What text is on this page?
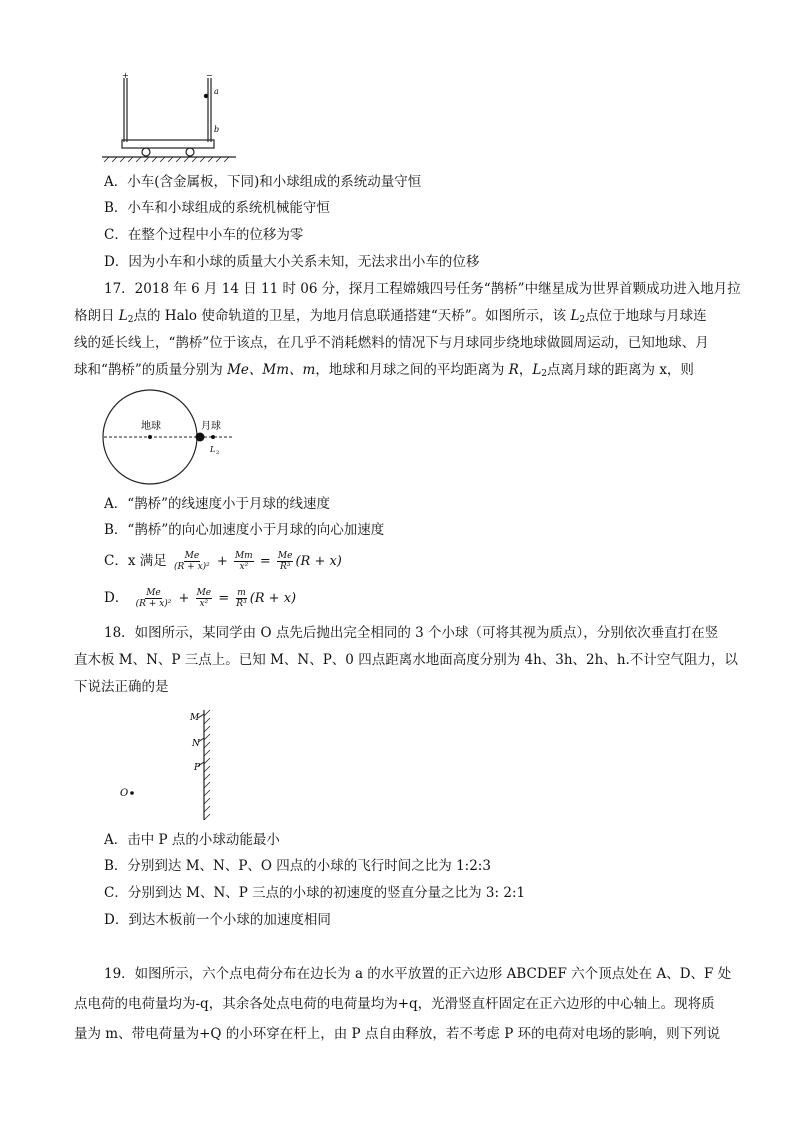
+	−
a
b
A．小车(含金属板，下同)和小球组成的系统动量守恒
B．小车和小球组成的系统机械能守恒
C．在整个过程中小车的位移为零
D．因为小车和小球的质量大小关系未知，无法求出小车的位移
17．2018 年 6 月 14 日 11 时 06 分，探月工程嫦娥四号任务“鹊桥”中继星成为世界首颗成功进入地月拉
格朗日 $L_2$点的 Halo 使命轨道的卫星，为地月信息联通搭建“天桥”。如图所示，该 $L_2$点位于地球与月球连
线的延长线上，“鹊桥”位于该点，在几乎不消耗燃料的情况下与月球同步绕地球做圆周运动，已知地球、月
球和“鹊桥”的质量分别为 Me、Mm、m，地球和月球之间的平均距离为 R，$L_2$点离月球的距离为 x，则
地球	月球
L 2
A．“鹊桥”的线速度小于月球的线速度
B．“鹊桥”的向心加速度小于月球的向心加速度
C．x 满足 $\frac{Me}{\text{(R + x)²}} + \frac{Mm}{\text{x²}} = \frac{Me}{\text{R³}} (R + x)$
D． $\frac{Me}{\text{(R + x)²}} + \frac{Me}{\text{x²}} = \frac{m}{\text{R³}} (R + x)$
18．如图所示，某同学由 O 点先后抛出完全相同的 3 个小球（可将其视为质点），分别依次垂直打在竖
直木板 M、N、P 三点上。已知 M、N、P、0 四点距离水地面高度分别为 4h、3h、2h、h.不计空气阻力，以
下说法正确的是
M
N
P
O
A．击中 P 点的小球动能最小
B．分别到达 M、N、P、O 四点的小球的飞行时间之比为 1:2:3
C．分别到达 M、N、P 三点的小球的初速度的竖直分量之比为 3: 2:1
D．到达木板前一个小球的加速度相同
19．如图所示，六个点电荷分布在边长为 a 的水平放置的正六边形 ABCDEF 六个顶点处在 A、D、F 处
点电荷的电荷量均为-q，其余各处点电荷的电荷量均为+q，光滑竖直杆固定在正六边形的中心轴上。现将质
量为 m、带电荷量为+Q 的小环穿在杆上，由 P 点自由释放，若不考虑 P 环的电荷对电场的影响，则下列说
